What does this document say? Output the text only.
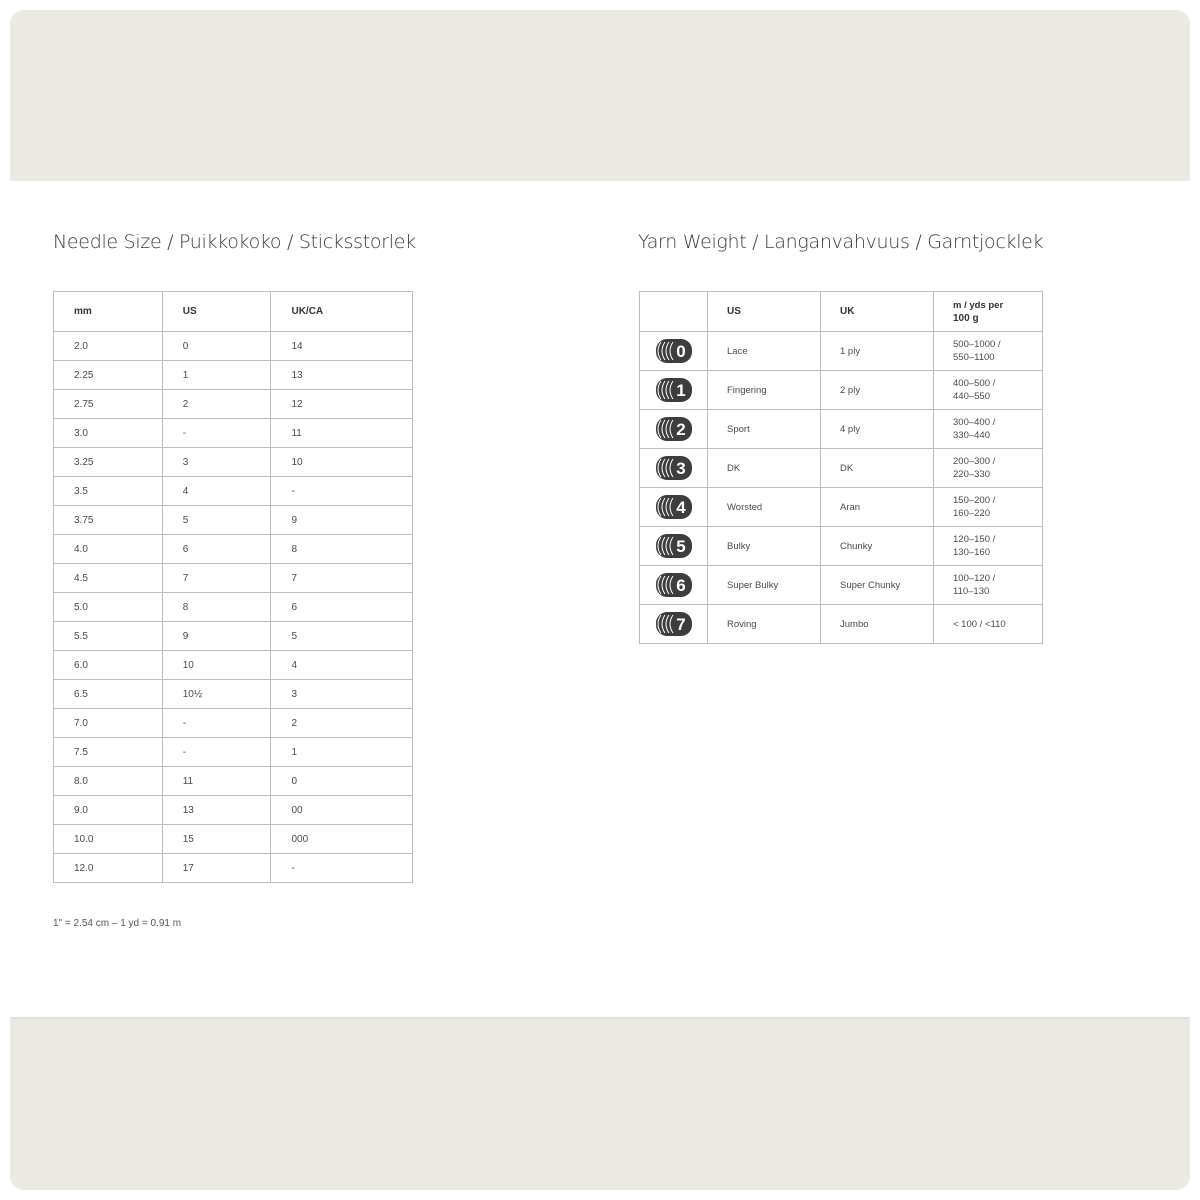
Needle Size / Puikkokoko / Sticksstorlek
mm	US	UK/CA
2.0	0	14
2.25	1	13
2.75	2	12
3.0	-	11
3.25	3	10
3.5	4	-
3.75	5	9
4.0	6	8
4.5	7	7
5.0	8	6
5.5	9	5
6.0	10	4
6.5	10½	3
7.0	-	2
7.5	-	1
8.0	11	0
9.0	13	00
10.0	15	000
12.0	17	-
1" = 2.54 cm – 1 yd = 0.91 m
Yarn Weight / Langanvahvuus / Garntjocklek
	US	UK	m / yds per
100 g

0	Lace	1 ply	500–1000 /
550–1100

1	Fingering	2 ply	400–500 /
440–550

2	Sport	4 ply	300–400 /
330–440

3	DK	DK	200–300 /
220–330

4	Worsted	Aran	150–200 /
160–220

5	Bulky	Chunky	120–150 /
130–160

6	Super Bulky	Super Chunky	100–120 /
110–130

7	Roving	Jumbo	< 100 / <110
